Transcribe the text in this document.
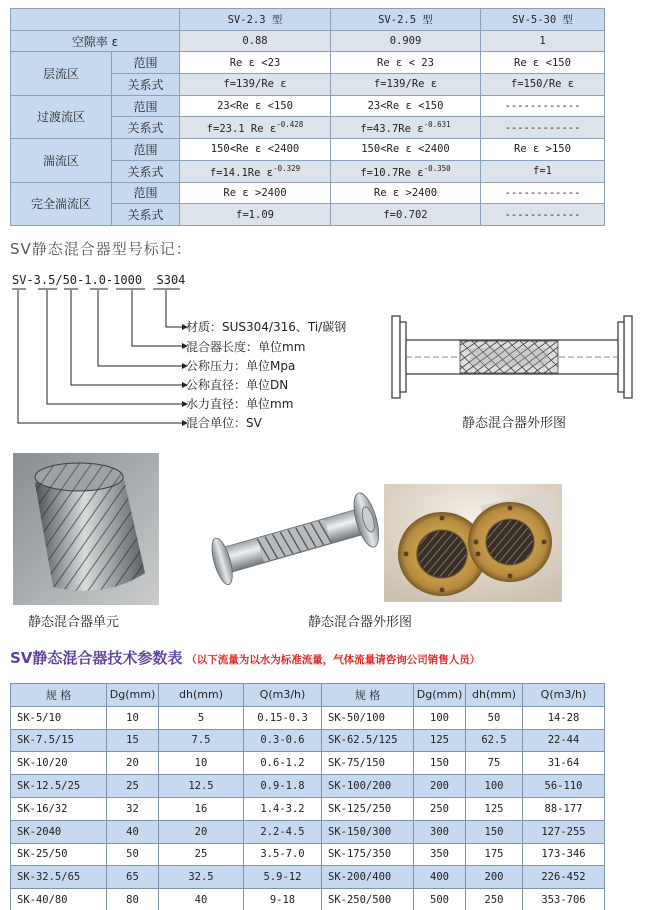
		SV-2.3 型	SV-2.5 型	SV-5-30 型
空隙率 ε		0.88	0.909	1
层流区	范围	Re ε <23	Re ε < 23	Re ε <150
	关系式	f=139/Re ε	f=139/Re ε	f=150/Re ε
过渡流区	范围	23<Re ε <150	23<Re ε <150	------------
	关系式	f=23.1 Re $\varepsilon^{-0.428}$	f=43.7Re $\varepsilon^{-0.631}$	------------
湍流区	范围	150<Re ε <2400	150<Re ε <2400	Re ε >150
	关系式	f=14.1Re $\varepsilon^{-0.329}$	f=10.7Re $\varepsilon^{-0.350}$	f=1
完全湍流区	范围	Re ε >2400	Re ε >2400	------------
	关系式	f=1.09	f=0.702	------------
SV静态混合器型号标记：
SV-3.5/50-1.0-1000  S304
材质：SUS304/316、Ti/碳钢
混合器长度：单位mm
公称压力：单位Mpa
公称直径：单位DN
水力直径：单位mm
混合单位：SV	静态混合器外形图
静态混合器单元	静态混合器外形图
SV静态混合器技术参数表 （以下流量为以水为标准流量，气体流量请咨询公司销售人员）
规 格	Dg(mm)	dh(mm)	Q(m3/h)	规 格	Dg(mm)	dh(mm)	Q(m3/h)
SK-5/10	10	5	0.15-0.3	SK-50/100	100	50	14-28
SK-7.5/15	15	7.5	0.3-0.6	SK-62.5/125	125	62.5	22-44
SK-10/20	20	10	0.6-1.2	SK-75/150	150	75	31-64
SK-12.5/25	25	12.5	0.9-1.8	SK-100/200	200	100	56-110
SK-16/32	32	16	1.4-3.2	SK-125/250	250	125	88-177
SK-2040	40	20	2.2-4.5	SK-150/300	300	150	127-255
SK-25/50	50	25	3.5-7.0	SK-175/350	350	175	173-346
SK-32.5/65	65	32.5	5.9-12	SK-200/400	400	200	226-452
SK-40/80	80	40	9-18	SK-250/500	500	250	353-706
